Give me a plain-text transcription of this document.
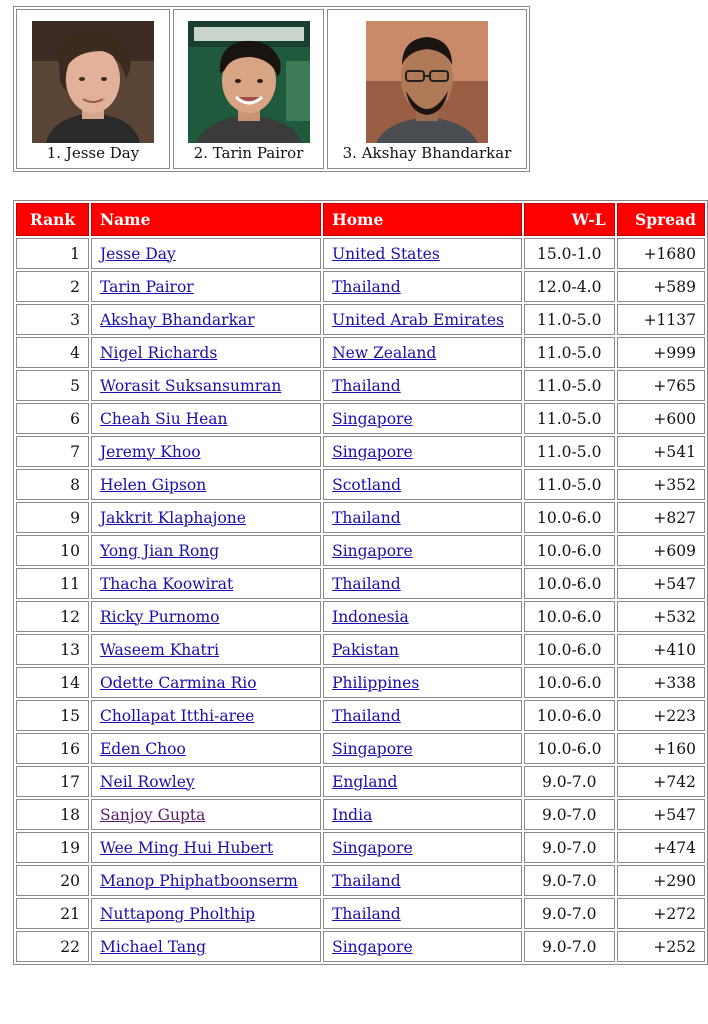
1. Jesse Day	2. Tarin Pairor	3. Akshay Bhandarkar
Rank	Name	Home	W-L	Spread
1	Jesse Day	United States	15.0-1.0	+1680
2	Tarin Pairor	Thailand	12.0-4.0	+589
3	Akshay Bhandarkar	United Arab Emirates	11.0-5.0	+1137
4	Nigel Richards	New Zealand	11.0-5.0	+999
5	Worasit Suksansumran	Thailand	11.0-5.0	+765
6	Cheah Siu Hean	Singapore	11.0-5.0	+600
7	Jeremy Khoo	Singapore	11.0-5.0	+541
8	Helen Gipson	Scotland	11.0-5.0	+352
9	Jakkrit Klaphajone	Thailand	10.0-6.0	+827
10	Yong Jian Rong	Singapore	10.0-6.0	+609
11	Thacha Koowirat	Thailand	10.0-6.0	+547
12	Ricky Purnomo	Indonesia	10.0-6.0	+532
13	Waseem Khatri	Pakistan	10.0-6.0	+410
14	Odette Carmina Rio	Philippines	10.0-6.0	+338
15	Chollapat Itthi-aree	Thailand	10.0-6.0	+223
16	Eden Choo	Singapore	10.0-6.0	+160
17	Neil Rowley	England	9.0-7.0	+742
18	Sanjoy Gupta	India	9.0-7.0	+547
19	Wee Ming Hui Hubert	Singapore	9.0-7.0	+474
20	Manop Phiphatboonserm	Thailand	9.0-7.0	+290
21	Nuttapong Pholthip	Thailand	9.0-7.0	+272
22	Michael Tang	Singapore	9.0-7.0	+252
